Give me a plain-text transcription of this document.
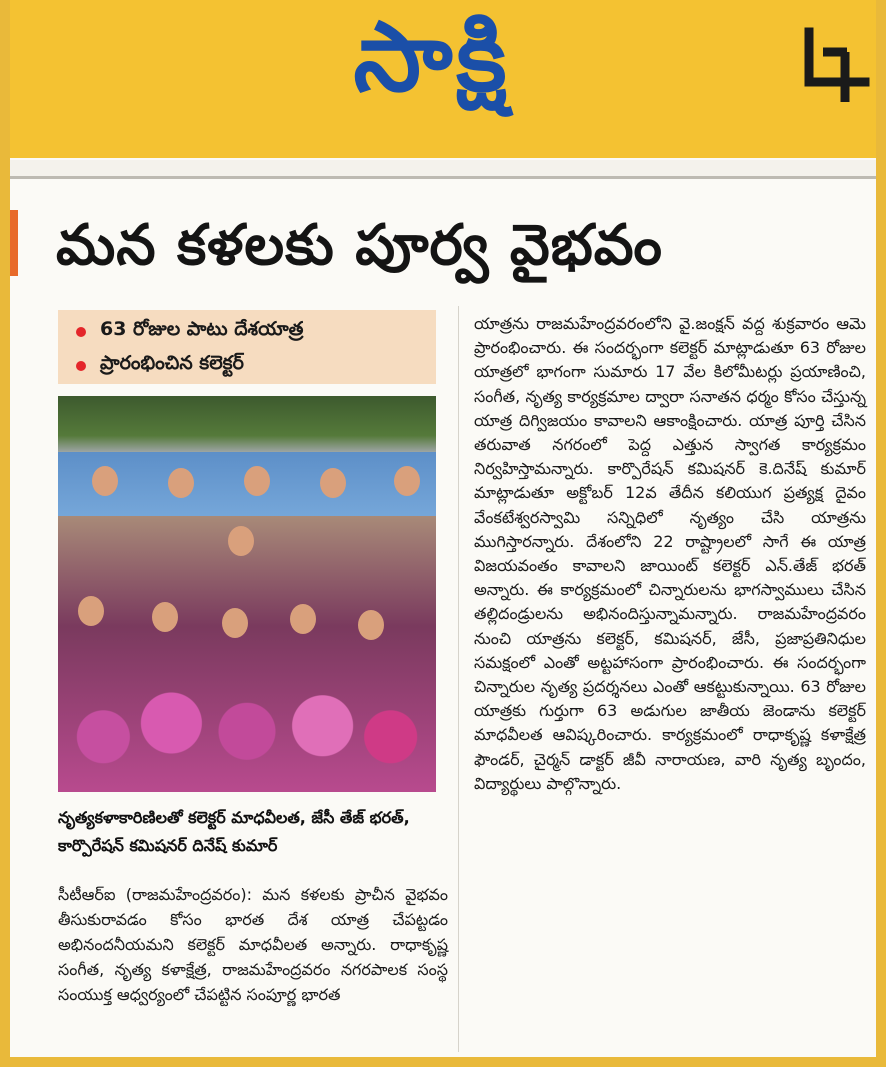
సాక్షి
మన కళలకు పూర్వ వైభవం
63 రోజుల పాటు దేశయాత్ర
ప్రారంభించిన కలెక్టర్
నృత్యకళాకారిణిలతో కలెక్టర్ మాధవీలత, జేసీ తేజ్ భరత్, కార్పొరేషన్ కమిషనర్ దినేష్ కుమార్
సీటీఆర్ఐ (రాజమహేంద్రవరం): మన కళలకు ప్రాచీన వైభవం తీసుకురావడం కోసం భారత దేశ యాత్ర చేపట్టడం అభినందనీయమని కలెక్టర్ మాధవీలత అన్నారు. రాధాకృష్ణ సంగీత, నృత్య కళాక్షేత్ర, రాజమహేంద్రవరం నగరపాలక సంస్థ సంయుక్త ఆధ్వర్యంలో చేపట్టిన సంపూర్ణ భారత
యాత్రను రాజమహేంద్రవరంలోని వై.జంక్షన్ వద్ద శుక్రవారం ఆమె ప్రారంభించారు. ఈ సందర్భంగా కలెక్టర్ మాట్లాడుతూ 63 రోజుల యాత్రలో భాగంగా సుమారు 17 వేల కిలోమీటర్లు ప్రయాణించి, సంగీత, నృత్య కార్యక్రమాల ద్వారా సనాతన ధర్మం కోసం చేస్తున్న యాత్ర దిగ్విజయం కావాలని ఆకాంక్షించారు. యాత్ర పూర్తి చేసిన తరువాత నగరంలో పెద్ద ఎత్తున స్వాగత కార్యక్రమం నిర్వహిస్తామన్నారు. కార్పొరేషన్ కమిషనర్ కె.దినేష్ కుమార్ మాట్లాడుతూ అక్టోబర్ 12వ తేదీన కలియుగ ప్రత్యక్ష దైవం వేంకటేశ్వరస్వామి సన్నిధిలో నృత్యం చేసి యాత్రను ముగిస్తారన్నారు. దేశంలోని 22 రాష్ట్రాలలో సాగే ఈ యాత్ర విజయవంతం కావాలని జాయింట్ కలెక్టర్ ఎన్.తేజ్ భరత్ అన్నారు. ఈ కార్యక్రమంలో చిన్నారులను భాగస్వాములు చేసిన తల్లిదండ్రులను అభినందిస్తున్నామన్నారు. రాజమహేంద్రవరం నుంచి యాత్రను కలెక్టర్, కమిషనర్, జేసీ, ప్రజాప్రతినిధుల సమక్షంలో ఎంతో అట్టహాసంగా ప్రారంభించారు. ఈ సందర్భంగా చిన్నారుల నృత్య ప్రదర్శనలు ఎంతో ఆకట్టుకున్నాయి. 63 రోజుల యాత్రకు గుర్తుగా 63 అడుగుల జాతీయ జెండాను కలెక్టర్ మాధవీలత ఆవిష్కరించారు. కార్యక్రమంలో రాధాకృష్ణ కళాక్షేత్ర ఫౌండర్, చైర్మన్ డాక్టర్ జీవీ నారాయణ, వారి నృత్య బృందం, విద్యార్థులు పాల్గొన్నారు.
